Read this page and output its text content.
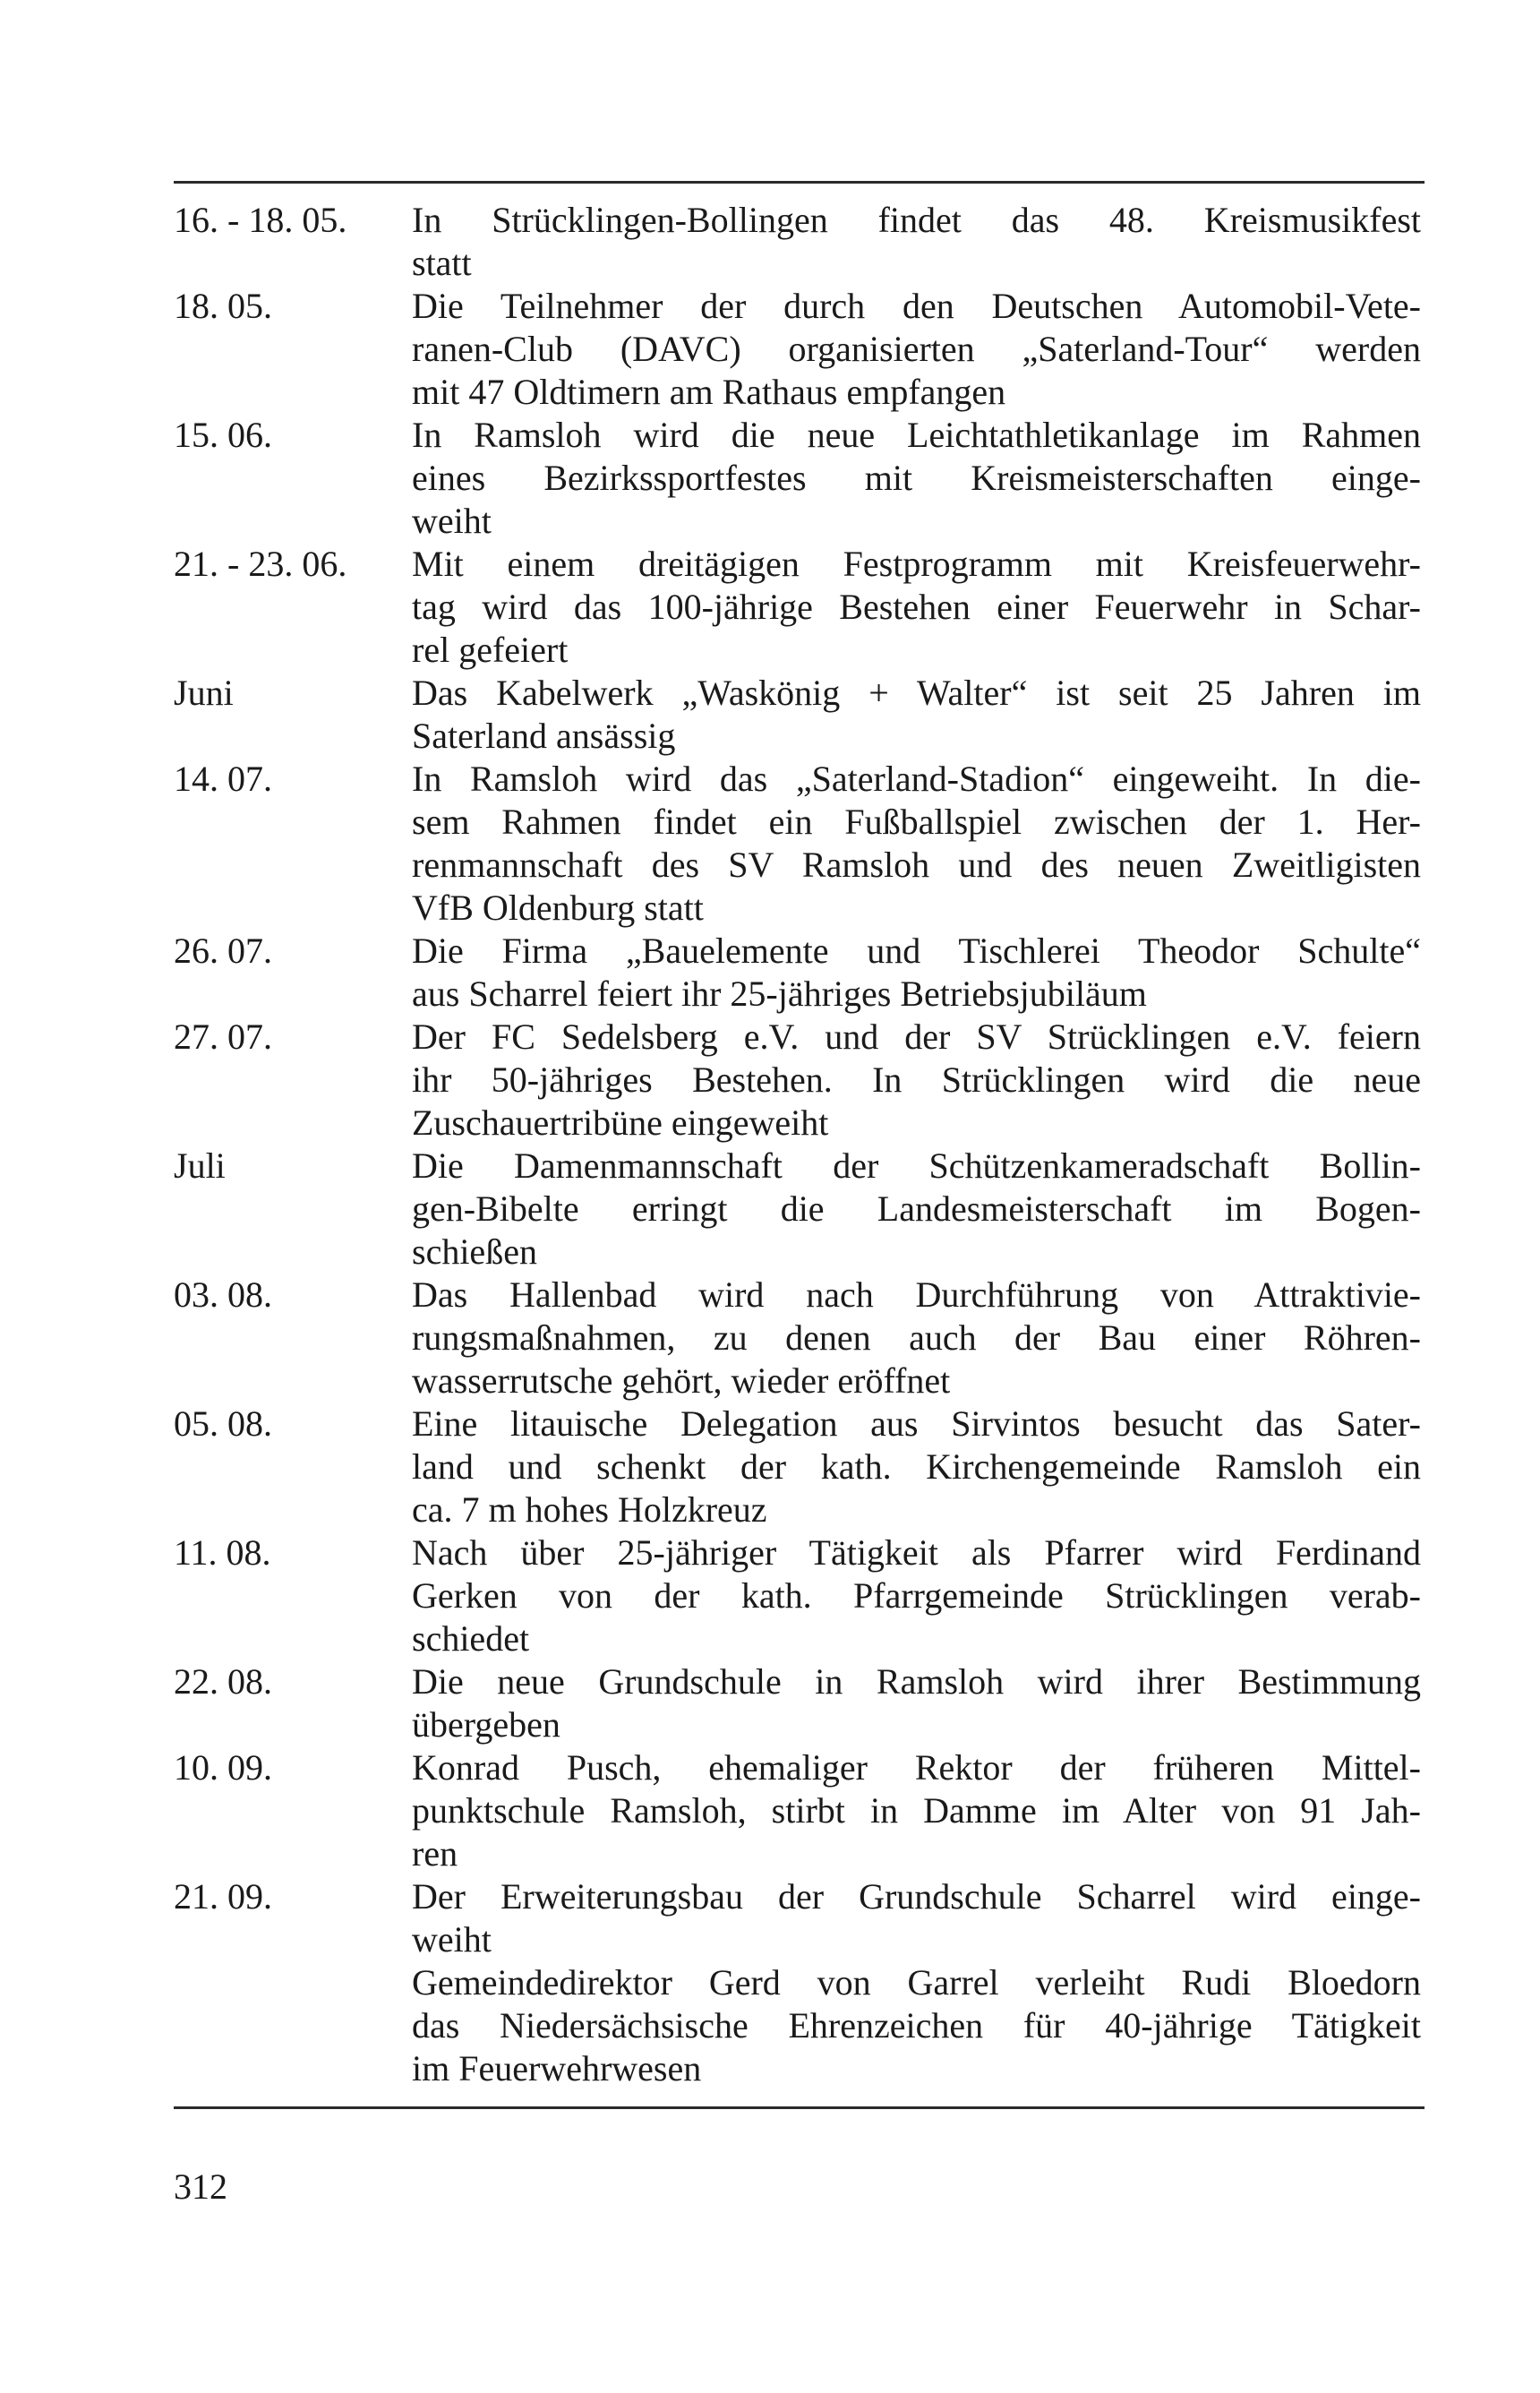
16. - 18. 05.	In Strücklingen-Bollingen findet das 48. Kreismusikfest
statt
18. 05.	Die Teilnehmer der durch den Deutschen Automobil-Vete-
ranen-Club (DAVC) organisierten „Saterland-Tour“ werden
mit 47 Oldtimern am Rathaus empfangen
15. 06.	In Ramsloh wird die neue Leichtathletikanlage im Rahmen
eines Bezirkssportfestes mit Kreismeisterschaften einge-
weiht
21. - 23. 06.	Mit einem dreitägigen Festprogramm mit Kreisfeuerwehr-
tag wird das 100-jährige Bestehen einer Feuerwehr in Schar-
rel gefeiert
Juni	Das Kabelwerk „Waskönig + Walter“ ist seit 25 Jahren im
Saterland ansässig
14. 07.	In Ramsloh wird das „Saterland-Stadion“ eingeweiht. In die-
sem Rahmen findet ein Fußballspiel zwischen der 1. Her-
renmannschaft des SV Ramsloh und des neuen Zweitligisten
VfB Oldenburg statt
26. 07.	Die Firma „Bauelemente und Tischlerei Theodor Schulte“
aus Scharrel feiert ihr 25-jähriges Betriebsjubiläum
27. 07.	Der FC Sedelsberg e.V. und der SV Strücklingen e.V. feiern
ihr 50-jähriges Bestehen. In Strücklingen wird die neue
Zuschauertribüne eingeweiht
Juli	Die Damenmannschaft der Schützenkameradschaft Bollin-
gen-Bibelte erringt die Landesmeisterschaft im Bogen-
schießen
03. 08.	Das Hallenbad wird nach Durchführung von Attraktivie-
rungsmaßnahmen, zu denen auch der Bau einer Röhren-
wasserrutsche gehört, wieder eröffnet
05. 08.	Eine litauische Delegation aus Sirvintos besucht das Sater-
land und schenkt der kath. Kirchengemeinde Ramsloh ein
ca. 7 m hohes Holzkreuz
11. 08.	Nach über 25-jähriger Tätigkeit als Pfarrer wird Ferdinand
Gerken von der kath. Pfarrgemeinde Strücklingen verab-
schiedet
22. 08.	Die neue Grundschule in Ramsloh wird ihrer Bestimmung
übergeben
10. 09.	Konrad Pusch, ehemaliger Rektor der früheren Mittel-
punktschule Ramsloh, stirbt in Damme im Alter von 91 Jah-
ren
21. 09.	Der Erweiterungsbau der Grundschule Scharrel wird einge-
weiht
Gemeindedirektor Gerd von Garrel verleiht Rudi Bloedorn
das Niedersächsische Ehrenzeichen für 40-jährige Tätigkeit
im Feuerwehrwesen
312
